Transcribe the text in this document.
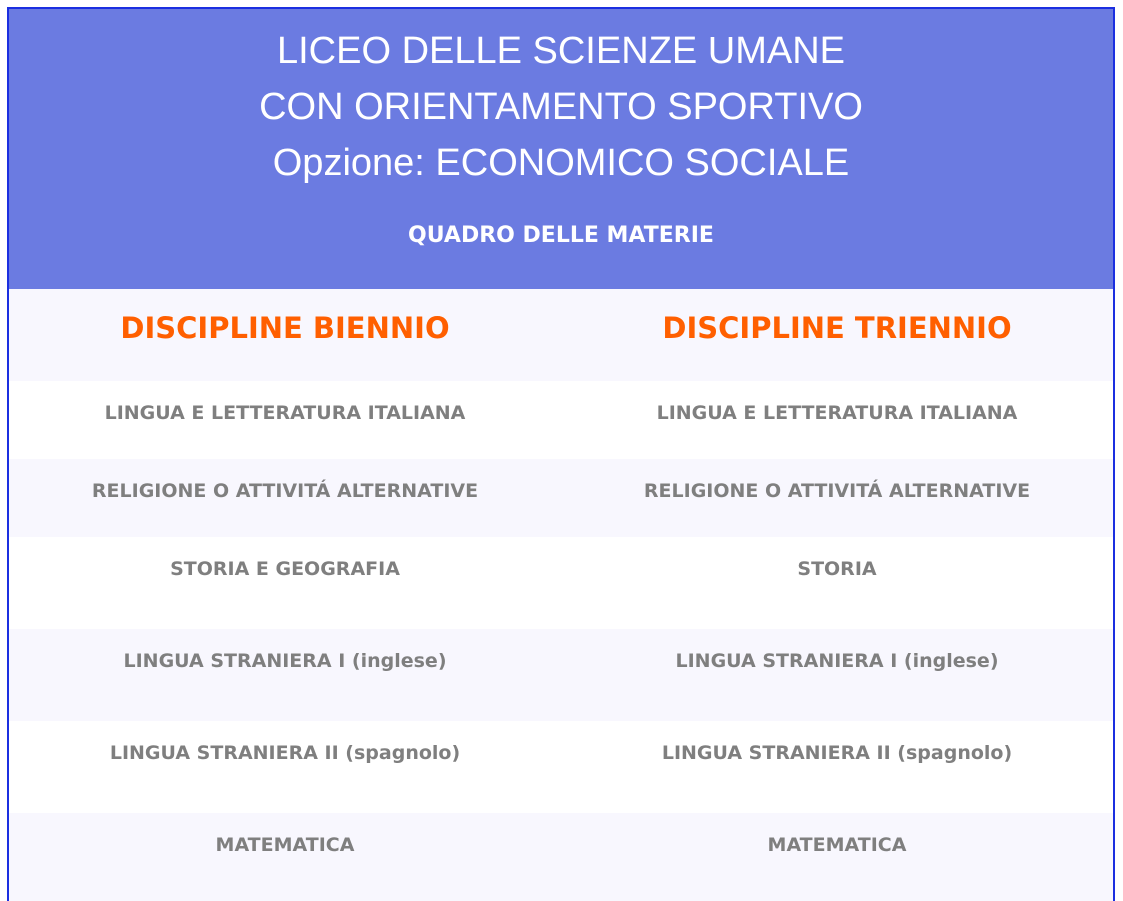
LICEO DELLE SCIENZE UMANE
CON ORIENTAMENTO SPORTIVO
Opzione: ECONOMICO SOCIALE
QUADRO DELLE MATERIE
DISCIPLINE BIENNIO	DISCIPLINE TRIENNIO
LINGUA E LETTERATURA ITALIANA	LINGUA E LETTERATURA ITALIANA
RELIGIONE O ATTIVITÁ ALTERNATIVE	RELIGIONE O ATTIVITÁ ALTERNATIVE
STORIA E GEOGRAFIA	STORIA
LINGUA STRANIERA I (inglese)	LINGUA STRANIERA I (inglese)
LINGUA STRANIERA II (spagnolo)	LINGUA STRANIERA II (spagnolo)
MATEMATICA	MATEMATICA
